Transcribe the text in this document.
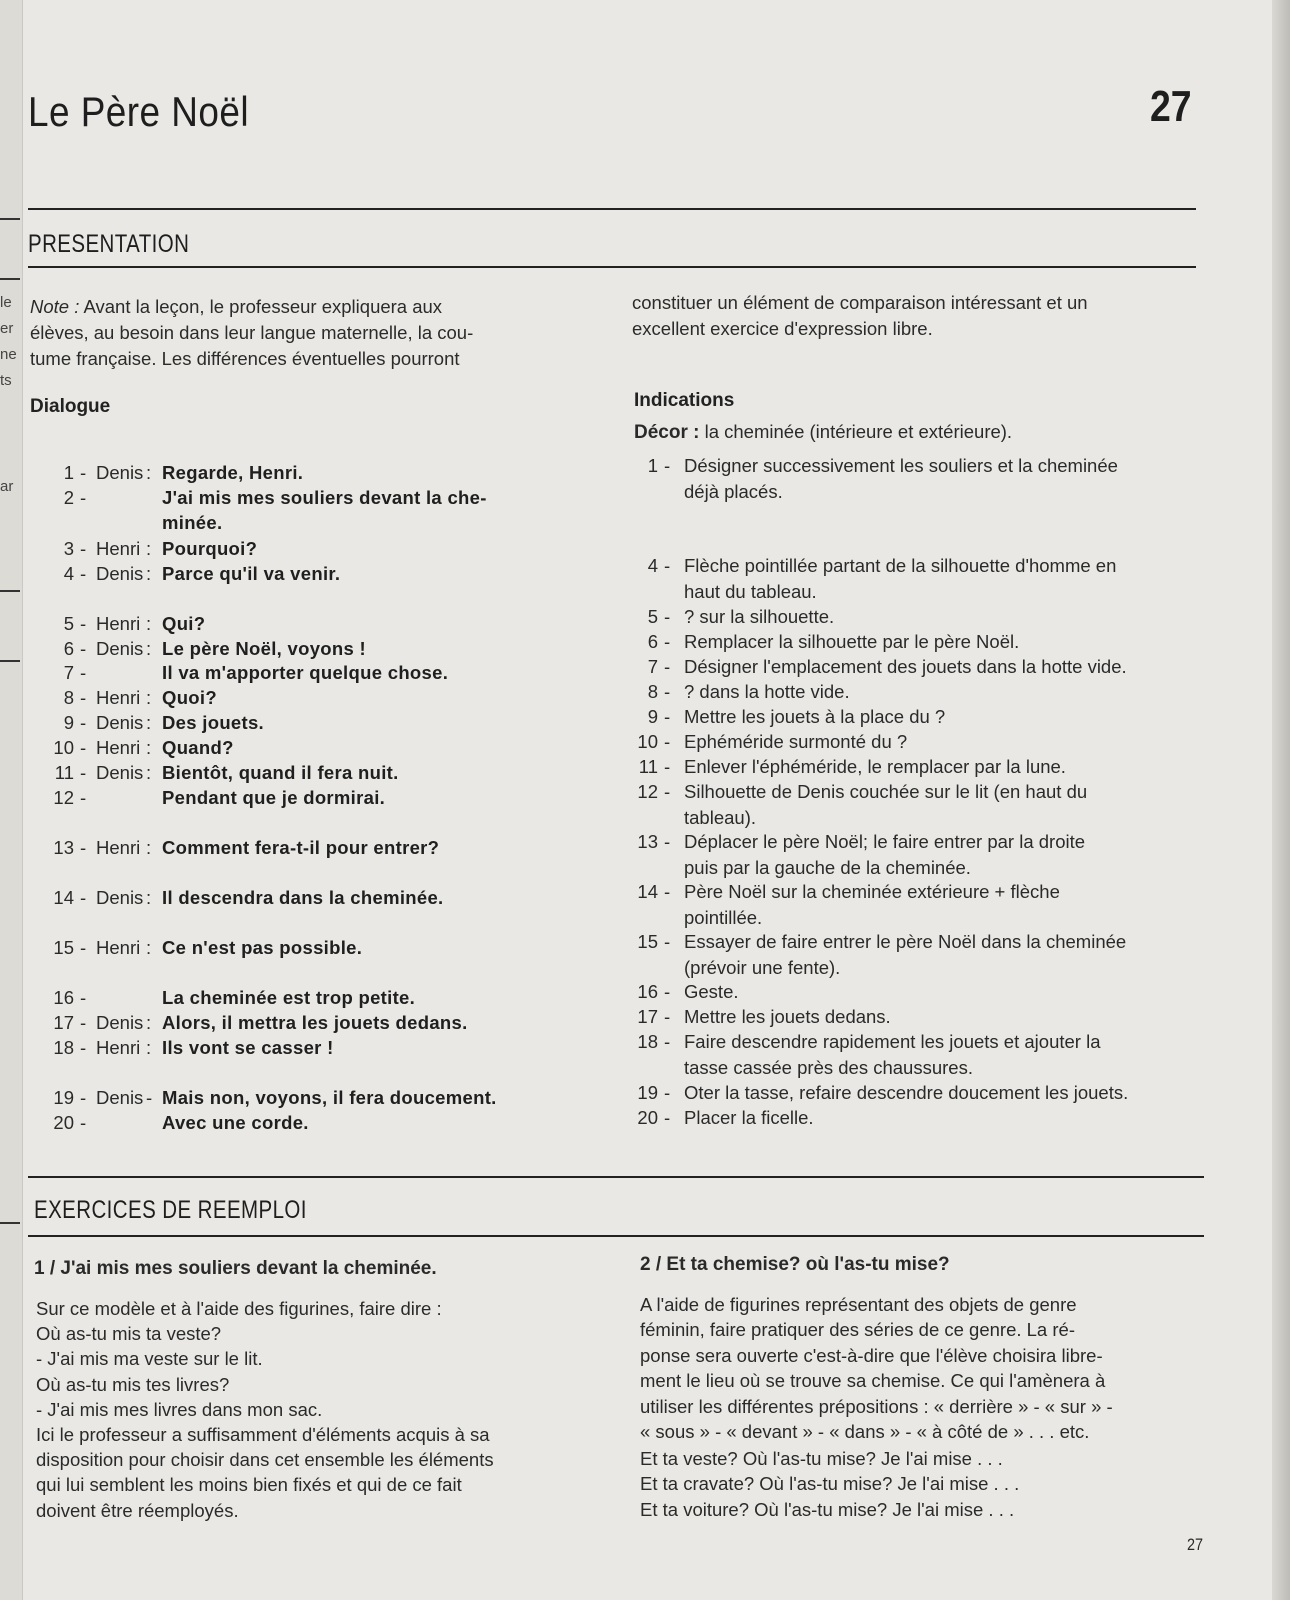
le
er
ne
ts
ar
Le Père Noël	27
PRESENTATION

Note : Avant la leçon, le professeur expliquera aux

élèves, au besoin dans leur langue maternelle, la cou-

tume française. Les différences éventuelles pourront

constituer un élément de comparaison intéressant et un

excellent exercice d'expression libre.

Dialogue
1 - Denis : Regarde, Henri.
2 -	J'ai mis mes souliers devant la che-
minée.
3 - Henri : Pourquoi?
4 - Denis : Parce qu'il va venir.
5 - Henri : Qui?
6 - Denis : Le père Noël, voyons !
7 -	Il va m'apporter quelque chose.
8 - Henri : Quoi?
9 - Denis : Des jouets.
10 - Henri : Quand?
11 - Denis : Bientôt, quand il fera nuit.
12 -	Pendant que je dormirai.
13 - Henri : Comment fera-t-il pour entrer?
14 - Denis : Il descendra dans la cheminée.
15 - Henri : Ce n'est pas possible.
16 -	La cheminée est trop petite.
17 - Denis : Alors, il mettra les jouets dedans.
18 - Henri : Ils vont se casser !
19 - Denis - Mais non, voyons, il fera doucement.
20 -	Avec une corde.
Indications
Décor : la cheminée (intérieure et extérieure).
1 - Désigner successivement les souliers et la cheminée
déjà placés.
4 - Flèche pointillée partant de la silhouette d'homme en
haut du tableau.
5 - ? sur la silhouette.
6 - Remplacer la silhouette par le père Noël.
7 - Désigner l'emplacement des jouets dans la hotte vide.
8 - ? dans la hotte vide.
9 - Mettre les jouets à la place du ?
10 - Ephéméride surmonté du ?
11 - Enlever l'éphéméride, le remplacer par la lune.
12 - Silhouette de Denis couchée sur le lit (en haut du
tableau).
13 - Déplacer le père Noël; le faire entrer par la droite
puis par la gauche de la cheminée.
14 - Père Noël sur la cheminée extérieure + flèche
pointillée.
15 - Essayer de faire entrer le père Noël dans la cheminée
(prévoir une fente).
16 - Geste.
17 - Mettre les jouets dedans.
18 - Faire descendre rapidement les jouets et ajouter la
tasse cassée près des chaussures.
19 - Oter la tasse, refaire descendre doucement les jouets.
20 - Placer la ficelle.
EXERCICES DE REEMPLOI

1 / J'ai mis mes souliers devant la cheminée.

Sur ce modèle et à l'aide des figurines, faire dire :

Où as-tu mis ta veste?

- J'ai mis ma veste sur le lit.

Où as-tu mis tes livres?

- J'ai mis mes livres dans mon sac.

Ici le professeur a suffisamment d'éléments acquis à sa

disposition pour choisir dans cet ensemble les éléments

qui lui semblent les moins bien fixés et qui de ce fait

doivent être réemployés.

2 / Et ta chemise? où l'as-tu mise?

A l'aide de figurines représentant des objets de genre

féminin, faire pratiquer des séries de ce genre. La ré-

ponse sera ouverte c'est-à-dire que l'élève choisira libre-

ment le lieu où se trouve sa chemise. Ce qui l'amènera à

utiliser les différentes prépositions : « derrière » - « sur » -

« sous » - « devant » - « dans » - « à côté de » . . . etc.

Et ta veste? Où l'as-tu mise? Je l'ai mise . . .

Et ta cravate? Où l'as-tu mise? Je l'ai mise . . .

Et ta voiture? Où l'as-tu mise? Je l'ai mise . . .

27
